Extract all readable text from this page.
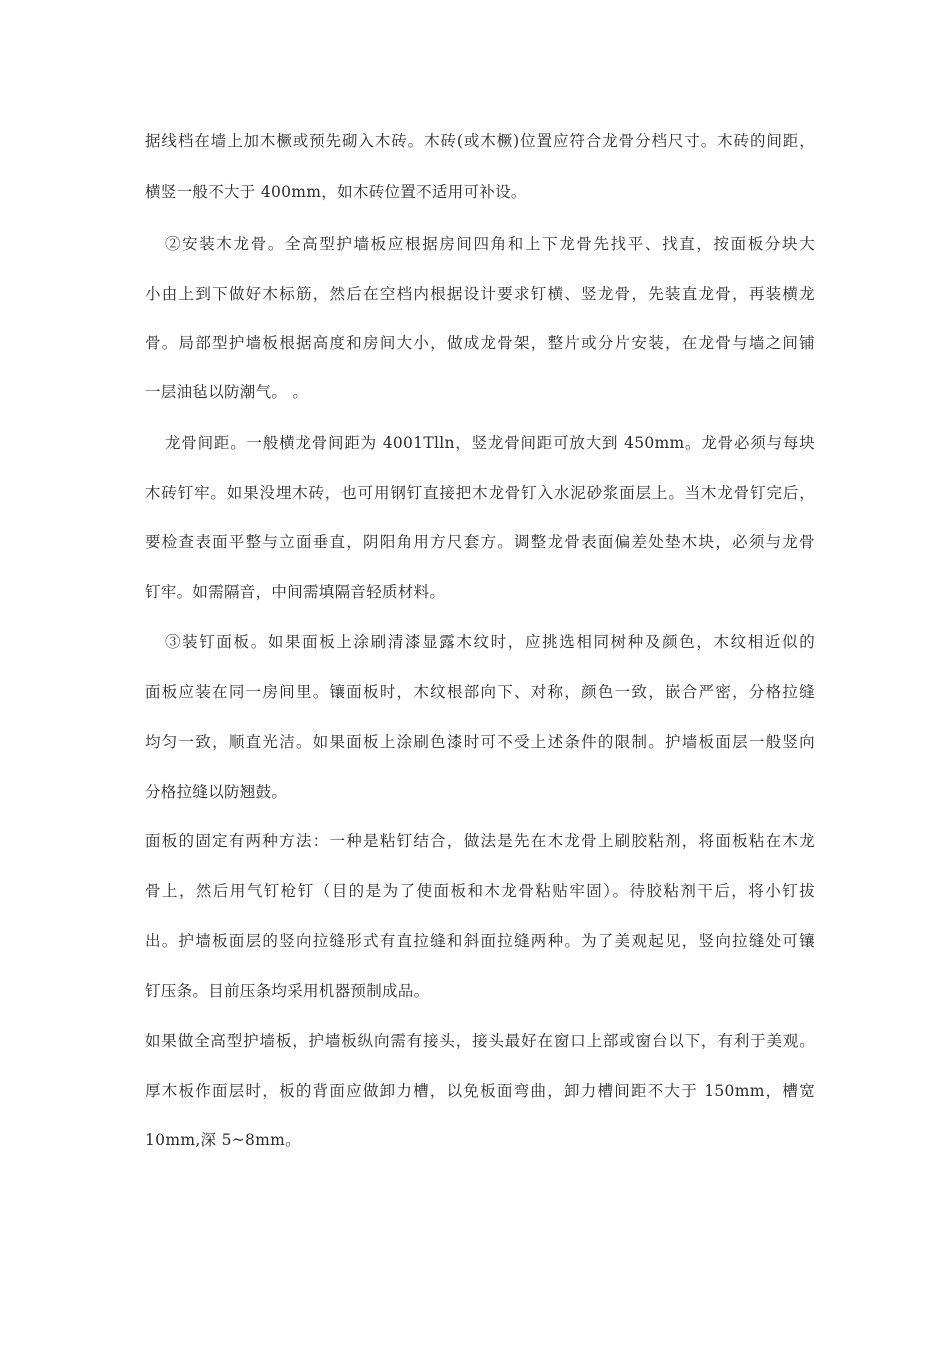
据线档在墙上加木橛或预先砌入木砖。木砖(或木橛)位置应符合龙骨分档尺寸。木砖的间距，
横竖一般不大于 400mm，如木砖位置不适用可补设。
②安装木龙骨。全高型护墙板应根据房间四角和上下龙骨先找平、找直，按面板分块大
小由上到下做好木标筋，然后在空档内根据设计要求钉横、竖龙骨，先装直龙骨，再装横龙
骨。局部型护墙板根据高度和房间大小，做成龙骨架，整片或分片安装，在龙骨与墙之间铺
一层油毡以防潮气。 。
龙骨间距。一般横龙骨间距为 4001Tlln，竖龙骨间距可放大到 450mm。龙骨必须与每块
木砖钉牢。如果没埋木砖，也可用钢钉直接把木龙骨钉入水泥砂浆面层上。当木龙骨钉完后，
要检查表面平整与立面垂直，阴阳角用方尺套方。调整龙骨表面偏差处垫木块，必须与龙骨
钉牢。如需隔音，中间需填隔音轻质材料。
③装钉面板。如果面板上涂刷清漆显露木纹时，应挑选相同树种及颜色，木纹相近似的
面板应装在同一房间里。镶面板时，木纹根部向下、对称，颜色一致，嵌合严密，分格拉缝
均匀一致，顺直光洁。如果面板上涂刷色漆时可不受上述条件的限制。护墙板面层一般竖向
分格拉缝以防翘鼓。
面板的固定有两种方法：一种是粘钉结合，做法是先在木龙骨上刷胶粘剂，将面板粘在木龙
骨上，然后用气钉枪钉（目的是为了使面板和木龙骨粘贴牢固）。待胶粘剂干后，将小钉拔
出。护墙板面层的竖向拉缝形式有直拉缝和斜面拉缝两种。为了美观起见，竖向拉缝处可镶
钉压条。目前压条均采用机器预制成品。
如果做全高型护墙板，护墙板纵向需有接头，接头最好在窗口上部或窗台以下，有利于美观。
厚木板作面层时，板的背面应做卸力槽，以免板面弯曲，卸力槽间距不大于 150mm，槽宽
10mm,深 5~8mm。
